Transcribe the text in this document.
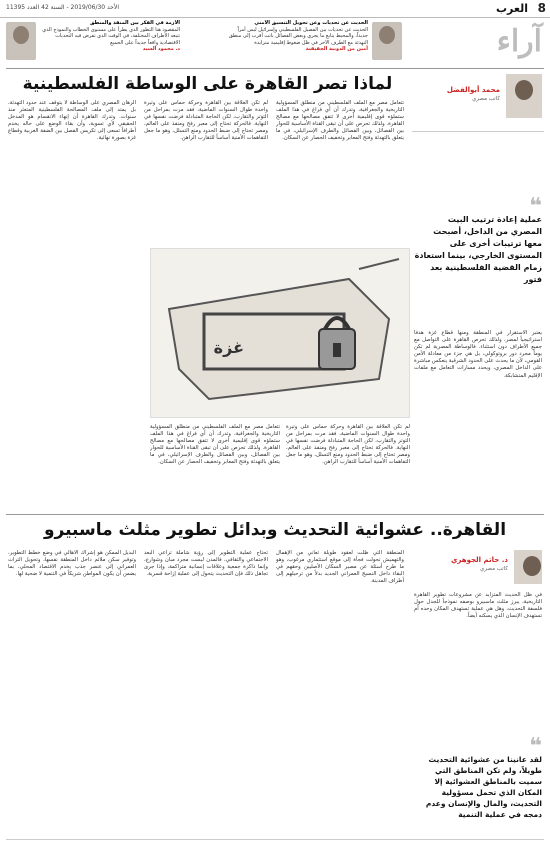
8
العرب
الأحد 2019/06/30 - السنة 42 العدد 11395
آراء
الحديث عن تحديات وعن تحويل التنسيق الأمني
الحديث عن تحديات بين الفصيل الفلسطيني وإسرائيل ليس أمراً جديداً، والمحيط يتابع ما يجري وبعض الفصائل باتت أقرب إلى منطق التهدئة مع الطرف الآخر في ظل ضغوط إقليمية متزايدة
أمين من الدوبية الحقيقية
الأزمة في الفكر بين المنفذ والمنطق
المقصود هنا التطور الذي يطرأ على مستوى الخطاب والنموذج الذي تتبعه الأطراف المختلفة، في الوقت الذي تفرض فيه التحديات الاقتصادية واقعاً جديداً على الجميع
د. محمود السيد
لماذا تصر القاهرة على الوساطة الفلسطينية	محمد أبوالفضل
كاتب مصري
❝
عملية إعادة ترتيب البيت المصري من الداخل، أصبحت معها ترتيبات أخرى على المستوى الخارجي، بينما استعادة زمام القضية الفلسطينية بعد فتور
يعتبر الاستقرار في المنطقة ومنها قطاع غزة هدفاً استراتيجياً لمصر، ولذلك تحرص القاهرة على التواصل مع جميع الأطراف دون استثناء. فالوساطة المصرية لم تكن يوماً مجرد دور بروتوكولي، بل هي جزء من معادلة الأمن القومي، لأن ما يحدث على الحدود الشرقية ينعكس مباشرة على الداخل المصري، ويحدد مسارات التعامل مع ملفات الإقليم المتشابكة.
تتعامل مصر مع الملف الفلسطيني من منطلق المسؤولية التاريخية والجغرافية، وتدرك أن أي فراغ في هذا الملف ستملؤه قوى إقليمية أخرى لا تتفق مصالحها مع مصالح القاهرة. ولذلك تحرص على أن تبقى القناة الأساسية للحوار بين الفصائل، وبين الفصائل والطرف الإسرائيلي، في ما يتعلق بالتهدئة وفتح المعابر وتخفيف الحصار عن السكان.
لم تكن العلاقة بين القاهرة وحركة حماس على وتيرة واحدة طوال السنوات الماضية، فقد مرت بمراحل من التوتر والتقارب، لكن الحاجة المتبادلة فرضت نفسها في النهاية. فالحركة تحتاج إلى معبر رفح ومنفذ على العالم، ومصر تحتاج إلى ضبط الحدود ومنع التسلل، وهو ما جعل التفاهمات الأمنية أساساً للتقارب الراهن.
الرهان المصري على الوساطة لا يتوقف عند حدود التهدئة، بل يمتد إلى ملف المصالحة الفلسطينية المتعثر منذ سنوات. وتدرك القاهرة أن إنهاء الانقسام هو المدخل الحقيقي لأي تسوية، وأن بقاء الوضع على حاله يخدم أطرافاً تسعى إلى تكريس الفصل بين الضفة الغربية وقطاع غزة بصورة نهائية.
غزة
تتعامل مصر مع الملف الفلسطيني من منطلق المسؤولية التاريخية والجغرافية، وتدرك أن أي فراغ في هذا الملف ستملؤه قوى إقليمية أخرى لا تتفق مصالحها مع مصالح القاهرة. ولذلك تحرص على أن تبقى القناة الأساسية للحوار بين الفصائل، وبين الفصائل والطرف الإسرائيلي، في ما يتعلق بالتهدئة وفتح المعابر وتخفيف الحصار عن السكان.
لم تكن العلاقة بين القاهرة وحركة حماس على وتيرة واحدة طوال السنوات الماضية، فقد مرت بمراحل من التوتر والتقارب، لكن الحاجة المتبادلة فرضت نفسها في النهاية. فالحركة تحتاج إلى معبر رفح ومنفذ على العالم، ومصر تحتاج إلى ضبط الحدود ومنع التسلل، وهو ما جعل التفاهمات الأمنية أساساً للتقارب الراهن.
القاهرة.. عشوائية التحديث وبدائل تطوير مثلث ماسبيرو
د. حاتم الجوهري
كاتب مصري
❝
لقد عانينا من عشوائية التحديث طويلاً، ولم تكن المناطق التي سميت بالمناطق العشوائية إلا المكان الذي تحمل مسؤولية التحديث، والمال والإنسان وعدم دمجه في عملية التنمية
في ظل الحديث المتزايد عن مشروعات تطوير القاهرة التاريخية، يبرز مثلث ماسبيرو بوصفه نموذجاً للجدل حول فلسفة التحديث، وهل هي عملية تستهدف المكان وحده أم تستهدف الإنسان الذي يسكنه أيضاً.
المنطقة التي ظلت لعقود طويلة تعاني من الإهمال والتهميش تحولت فجأة إلى موقع استثماري مرغوب، وهو ما طرح أسئلة عن مصير السكان الأصليين وحقهم في البقاء داخل النسيج العمراني الجديد بدلاً من ترحيلهم إلى أطراف المدينة.
تحتاج عملية التطوير إلى رؤية شاملة تراعي البعد الاجتماعي والثقافي، فالمدن ليست مجرد مبان وشوارع، وإنما ذاكرة جمعية وعلاقات إنسانية متراكمة، وإذا جرى تجاهل ذلك فإن التحديث يتحول إلى عملية إزاحة قسرية.
البديل الممكن هو إشراك الأهالي في وضع خطط التطوير، وتوفير سكن ملائم داخل المنطقة نفسها، وتحويل التراث العمراني إلى عنصر جذب يخدم الاقتصاد المحلي، بما يضمن أن يكون المواطن شريكاً في التنمية لا ضحية لها.
